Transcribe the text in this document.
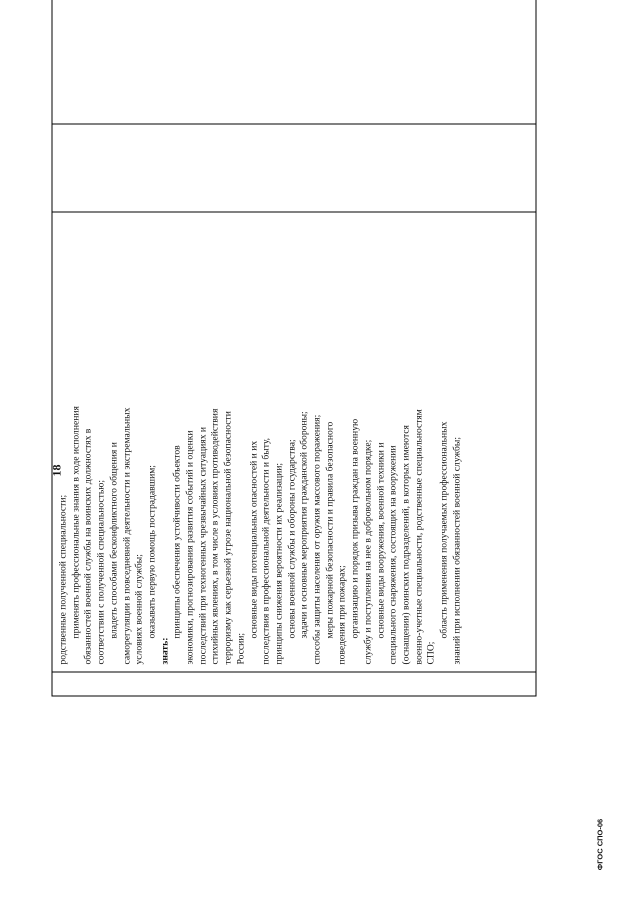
18
родственные полученной специальности; применять профессиональные знания в ходе исполнения обязанностей военной службы на воинских должностях в соответствии с полученной специальностью; владеть способами бесконфликтного общения и саморегуляции в повседневной деятельности и экстремальных условиях военной службы; оказывать первую помощь пострадавшим;
знать:
принципы обеспечения устойчивости объектов экономики, прогнозирования развития событий и оценки последствий при техногенных чрезвычайных ситуациях и стихийных явлениях, в том числе в условиях противодействия терроризму как серьезной угрозе национальной безопасности России;
основные виды потенциальных опасностей и их последствия в профессиональной деятельности и быту, принципы снижения вероятности их реализации; основы военной службы и обороны государства; задачи и основные мероприятия гражданской обороны; способы защиты населения от оружия массового поражения; меры пожарной безопасности и правила безопасного поведения при пожарах; организацию и порядок призыва граждан на военную службу и поступления на нее в добровольном порядке; основные виды вооружения, военной техники и специального снаряжения, состоящих на вооружении (оснащении) воинских подразделений, в которых имеются военно-учетные специальности, родственные специальностям СПО;
область применения получаемых профессиональных знаний при исполнении обязанностей военной службы;
ФГОС СПО-06
